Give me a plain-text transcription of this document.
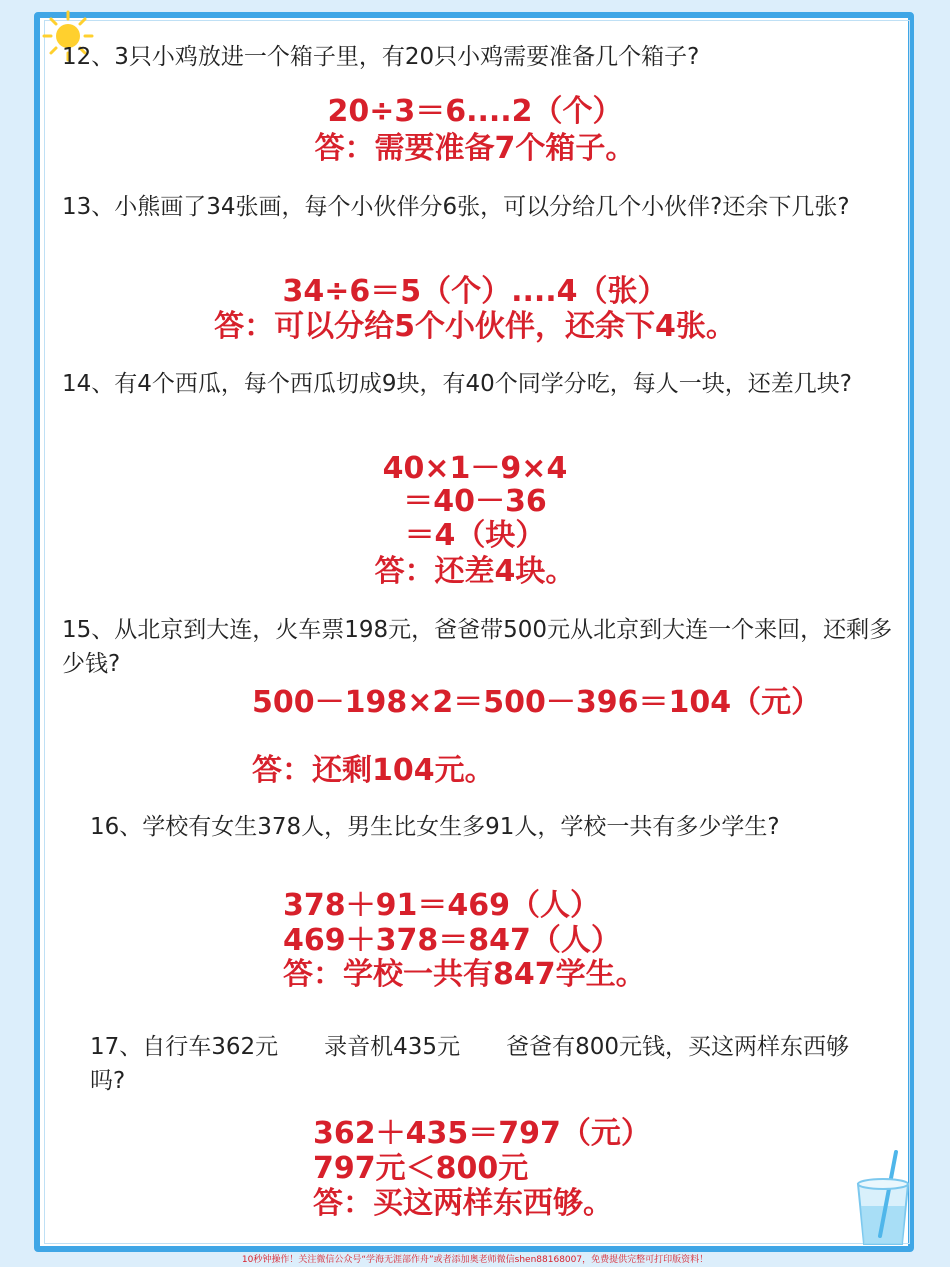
12、3只小鸡放进一个箱子里，有20只小鸡需要准备几个箱子?

20÷3＝6....2（个）

答：需要准备7个箱子。

13、小熊画了34张画，每个小伙伴分6张，可以分给几个小伙伴?还余下几张?

34÷6＝5（个）....4（张）

答：可以分给5个小伙伴，还余下4张。

14、有4个西瓜，每个西瓜切成9块，有40个同学分吃，每人一块，还差几块?

40×1－9×4

＝40－36

＝4（块）

答：还差4块。

15、从北京到大连，火车票198元，爸爸带500元从北京到大连一个来回，还剩多少钱?

500－198×2＝500－396＝104（元）

答：还剩104元。

16、学校有女生378人，男生比女生多91人，学校一共有多少学生?

378＋91＝469（人）

469＋378＝847（人）

答：学校一共有847学生。

17、自行车362元　　录音机435元　　爸爸有800元钱，买这两样东西够吗?

362＋435＝797（元）

797元＜800元

答：买这两样东西够。

10秒钟操作！关注微信公众号“学海无涯部作舟”或者添加奥老师微信shen88168007，免费提供完整可打印版资料！
